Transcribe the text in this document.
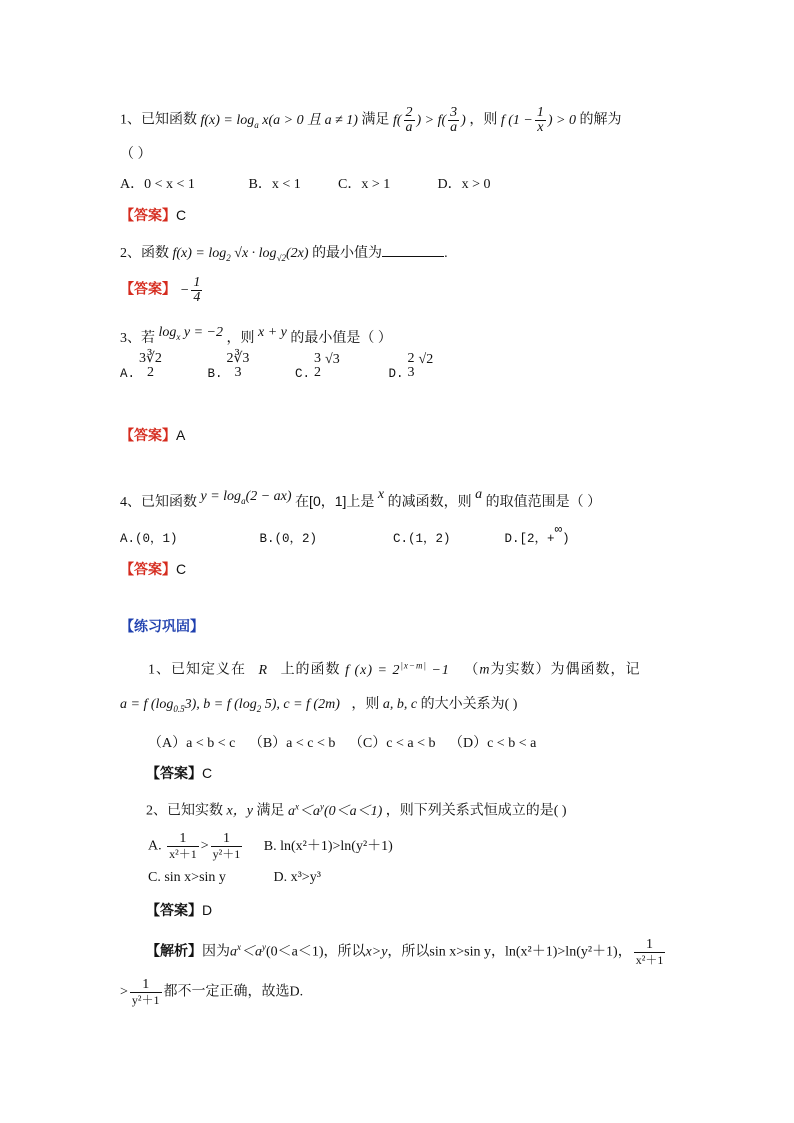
1、已知函数 $f(x) = \log_a x(a > 0$ 且 a ≠ 1) 满足 $f( \frac{2}{a}$ ) > $f( \frac{3}{a}$ ) ，则 f ($1 - \frac{1}{x}$ ) > 0 的解为
（ ）
A．0 < x < 1	B．x < 1	C．x > 1	D．x > 0
【答案】C
2、函数 $f(x) = \log_2 √x \cdot \log_{√2}(2x)$ 的最小值为	.
【答案】 − $\frac{1}{4}$
3、若 $\log_x y = -2$ ，则 x + y 的最小值是（ ）
A.
3∛2
2	B.
2∛3
3	C.
3
2
√3 D.
2
3
√2
【答案】A
4、已知函数 $y = \log_a(2 - ax)$ 在[0，1]上是 x 的减函数，则 a 的取值范围是（ ）
A.(0，1)	B.(0，2)	C.(1，2)	D.[2，+∞)
【答案】C
【练习巩固】
1、已知定义在 R 上的函数 f $(x) = 2^{|x-m|} -1$ （m为实数）为偶函数，记
a = f $(\log_{0.5}3)$, b = f ($\log_2$ 5), c = f (2m) ，则 a, b, c 的大小关系为( )
（A）a < b < c （B）a < c < b （C）c < a < b （D）c < b < a
【答案】C
2、已知实数 x，y 满足 $a^x<a^y(0<a<1)$ ，则下列关系式恒成立的是( )
A. $\frac{1}{\text{x²＋1}} > \frac{1}{\text{y²＋1}} B$. ln(x²＋1)>ln(y²＋1)
C. sin x>sin y	D. x³>y³
【答案】D
【解析】因为$a^x<a^y(0<a<1)$，所以x>y，所以sin x>sin y，ln(x²＋1)>ln(y²＋1)， $\frac{1}{\text{x²＋1}}$
> $\frac{1}{\text{y²＋1}}$ 都不一定正确，故选D.
